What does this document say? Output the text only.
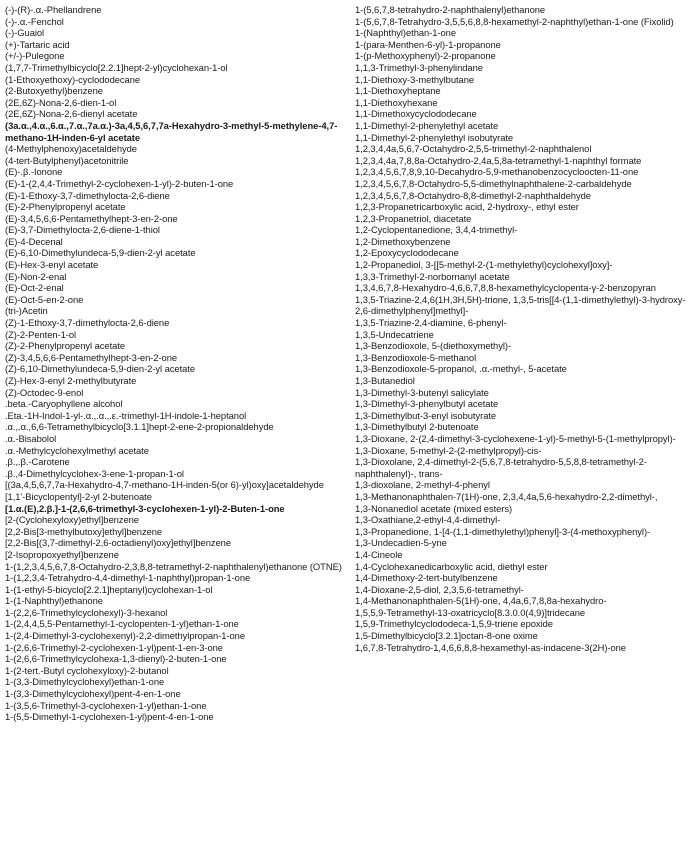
(-)-(R)-.α.-Phellandrene
(-)-.α.-Fenchol
(-)-Guaiol
(+)-Tartaric acid
(+/-)-Pulegone
(1,7,7-Trimethylbicyclo[2.2.1]hept-2-yl)cyclohexan-1-ol
(1-Ethoxyethoxy)-cyclododecane
(2-Butoxyethyl)benzene
(2E,6Z)-Nona-2,6-dien-1-ol
(2E,6Z)-Nona-2,6-dienyl acetate
(3a.α.,4.α.,6.α.,7.α.,7a.α.)-3a,4,5,6,7,7a-Hexahydro-3-methyl-5-methylene-4,7-methano-1H-inden-6-yl acetate
(4-Methylphenoxy)acetaldehyde
(4-tert-Butylphenyl)acetonitrile
(E)-.β.-Ionone
(E)-1-(2,4,4-Trimethyl-2-cyclohexen-1-yl)-2-buten-1-one
(E)-1-Ethoxy-3,7-dimethylocta-2,6-diene
(E)-2-Phenylpropenyl acetate
(E)-3,4,5,6,6-Pentamethylhept-3-en-2-one
(E)-3,7-Dimethylocta-2,6-diene-1-thiol
(E)-4-Decenal
(E)-6,10-Dimethylundeca-5,9-dien-2-yl acetate
(E)-Hex-3-enyl acetate
(E)-Non-2-enal
(E)-Oct-2-enal
(E)-Oct-5-en-2-one
(tri-)Acetin
(Z)-1-Ethoxy-3,7-dimethylocta-2,6-diene
(Z)-2-Penten-1-ol
(Z)-2-Phenylpropenyl acetate
(Z)-3,4,5,6,6-Pentamethylhept-3-en-2-one
(Z)-6,10-Dimethylundeca-5,9-dien-2-yl acetate
(Z)-Hex-3-enyl 2-methylbutyrate
(Z)-Octodec-9-enol
.beta.-Caryophyllene alcohol
.Eta.-1H-Indol-1-yl-.α.,.α.,.ε.-trimethyl-1H-indole-1-heptanol
.α.,.α.,6,6-Tetramethylbicyclo[3.1.1]hept-2-ene-2-propionaldehyde
.α.-Bisabolol
.α.-Methylcyclohexylmethyl acetate
.β.,.β.-Carotene
.β.,4-Dimethylcyclohex-3-ene-1-propan-1-ol
[(3a,4,5,6,7,7a-Hexahydro-4,7-methano-1H-inden-5(or 6)-yl)oxy]acetaldehyde
[1,1'-Bicyclopentyl]-2-yl 2-butenoate
[1.α.(E),2.β.]-1-(2,6,6-trimethyl-3-cyclohexen-1-yl)-2-Buten-1-one
[2-(Cyclohexyloxy)ethyl]benzene
[2,2-Bis[3-methylbutoxy]ethyl]benzene
[2,2-Bis[(3,7-dimethyl-2,6-octadienyl)oxy]ethyl]benzene
[2-Isopropoxyethyl]benzene
1-(1,2,3,4,5,6,7,8-Octahydro-2,3,8,8-tetramethyl-2-naphthalenyl)ethanone (OTNE)
1-(1,2,3,4-Tetrahydro-4,4-dimethyl-1-naphthyl)propan-1-one
1-(1-ethyl-5-bicyclo[2.2.1]heptanyl)cyclohexan-1-ol
1-(1-Naphthyl)ethanone
1-(2,2,6-Trimethylcyclohexyl)-3-hexanol
1-(2,4,4,5,5-Pentamethyl-1-cyclopenten-1-yl)ethan-1-one
1-(2,4-Dimethyl-3-cyclohexenyl)-2,2-dimethylpropan-1-one
1-(2,6,6-Trimethyl-2-cyclohexen-1-yl)pent-1-en-3-one
1-(2,6,6-Trimethylcyclohexa-1,3-dienyl)-2-buten-1-one
1-(2-tert.-Butyl cyclohexyloxy)-2-butanol
1-(3,3-Dimethylcyclohexyl)ethan-1-one
1-(3,3-Dimethylcyclohexyl)pent-4-en-1-one
1-(3,5,6-Trimethyl-3-cyclohexen-1-yl)ethan-1-one
1-(5,5-Dimethyl-1-cyclohexen-1-yl)pent-4-en-1-one
1-(5,6,7,8-tetrahydro-2-naphthalenyl)ethanone
1-(5,6,7,8-Tetrahydro-3,5,5,6,8,8-hexamethyl-2-naphthyl)ethan-1-one (Fixolid)
1-(Naphthyl)ethan-1-one
1-(para-Menthen-6-yl)-1-propanone
1-(p-Methoxyphenyl)-2-propanone
1,1,3-Trimethyl-3-phenylindane
1,1-Diethoxy-3-methylbutane
1,1-Diethoxyheptane
1,1-Diethoxyhexane
1,1-Dimethoxycyclododecane
1,1-Dimethyl-2-phenylethyl acetate
1,1-Dimethyl-2-phenylethyl isobutyrate
1,2,3,4,4a,5,6,7-Octahydro-2,5,5-trimethyl-2-naphthalenol
1,2,3,4,4a,7,8,8a-Octahydro-2,4a,5,8a-tetramethyl-1-naphthyl formate
1,2,3,4,5,6,7,8,9,10-Decahydro-5,9-methanobenzocycloocten-11-one
1,2,3,4,5,6,7,8-Octahydro-5,5-dimethylnaphthalene-2-carbaldehyde
1,2,3,4,5,6,7,8-Octahydro-8,8-dimethyl-2-naphthaldehyde
1,2,3-Propanetricarboxylic acid, 2-hydroxy-, ethyl ester
1,2,3-Propanetriol, diacetate
1,2-Cyclopentanedione, 3,4,4-trimethyl-
1,2-Dimethoxybenzene
1,2-Epoxycyclododecane
1,2-Propanediol, 3-[[5-methyl-2-(1-methylethyl)cyclohexyl]oxy]-
1,3,3-Trimethyl-2-norbornanyl acetate
1,3,4,6,7,8-Hexahydro-4,6,6,7,8,8-hexamethylcyclopenta-γ-2-benzopyran
1,3,5-Triazine-2,4,6(1H,3H,5H)-trione, 1,3,5-tris[[4-(1,1-dimethylethyl)-3-hydroxy-2,6-dimethylphenyl]methyl]-
1,3,5-Triazine-2,4-diamine, 6-phenyl-
1,3,5-Undecatriene
1,3-Benzodioxole, 5-(diethoxymethyl)-
1,3-Benzodioxole-5-methanol
1,3-Benzodioxole-5-propanol, .α.-methyl-, 5-acetate
1,3-Butanediol
1,3-Dimethyl-3-butenyl salicylate
1,3-Dimethyl-3-phenylbutyl acetate
1,3-Dimethylbut-3-enyl isobutyrate
1,3-Dimethylbutyl 2-butenoate
1,3-Dioxane, 2-(2,4-dimethyl-3-cyclohexene-1-yl)-5-methyl-5-(1-methylpropyl)-
1,3-Dioxane, 5-methyl-2-(2-methylpropyl)-cis-
1,3-Dioxolane, 2,4-dimethyl-2-(5,6,7,8-tetrahydro-5,5,8,8-tetramethyl-2-naphthalenyl)-, trans-
1,3-dioxolane, 2-methyl-4-phenyl
1,3-Methanonaphthalen-7(1H)-one, 2,3,4,4a,5,6-hexahydro-2,2-dimethyl-,
1,3-Nonanediol acetate (mixed esters)
1,3-Oxathiane,2-ethyl-4,4-dimethyl-
1,3-Propanedione, 1-[4-(1,1-dimethylethyl)phenyl]-3-(4-methoxyphenyl)-
1,3-Undecadien-5-yne
1,4-Cineole
1,4-Cyclohexanedicarboxylic acid, diethyl ester
1,4-Dimethoxy-2-tert-butylbenzene
1,4-Dioxane-2,5-diol, 2,3,5,6-tetramethyl-
1,4-Methanonaphthalen-5(1H)-one, 4,4a,6,7,8,8a-hexahydro-
1,5,5,9-Tetramethyl-13-oxatricyclo[8.3.0.0(4,9)]tridecane
1,5,9-Trimethylcyclododeca-1,5,9-triene epoxide
1,5-Dimethylbicyclo[3.2.1]octan-8-one oxime
1,6,7,8-Tetrahydro-1,4,6,6,8,8-hexamethyl-as-indacene-3(2H)-one
